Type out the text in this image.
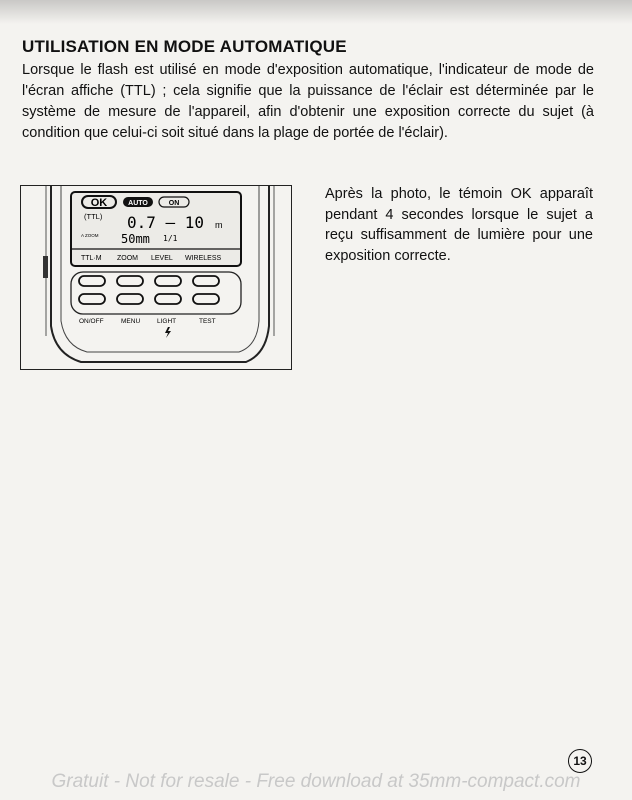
UTILISATION EN MODE AUTOMATIQUE

Lorsque le flash est utilisé en mode d'exposition automatique, l'indicateur de mode de l'écran affiche (TTL) ; cela signifie que la puissance de l'éclair est déterminée par le système de mesure de l'appareil, afin d'obtenir une exposition correcte du sujet (à condition que celui-ci soit situé dans la plage de portée de l'éclair).

OK	AUTO	ON
(TTL) 0.7 – 10 m
A ZOOM 50mm 1/1
TTL·M ZOOM LEVEL WIRELESS
ON/OFF	MENU	LIGHT	TEST

Après la photo, le témoin OK apparaît pendant 4 secondes lorsque le sujet a reçu suffisamment de lumière pour une exposition correcte.

13
Gratuit - Not for resale - Free download at 35mm-compact.com
